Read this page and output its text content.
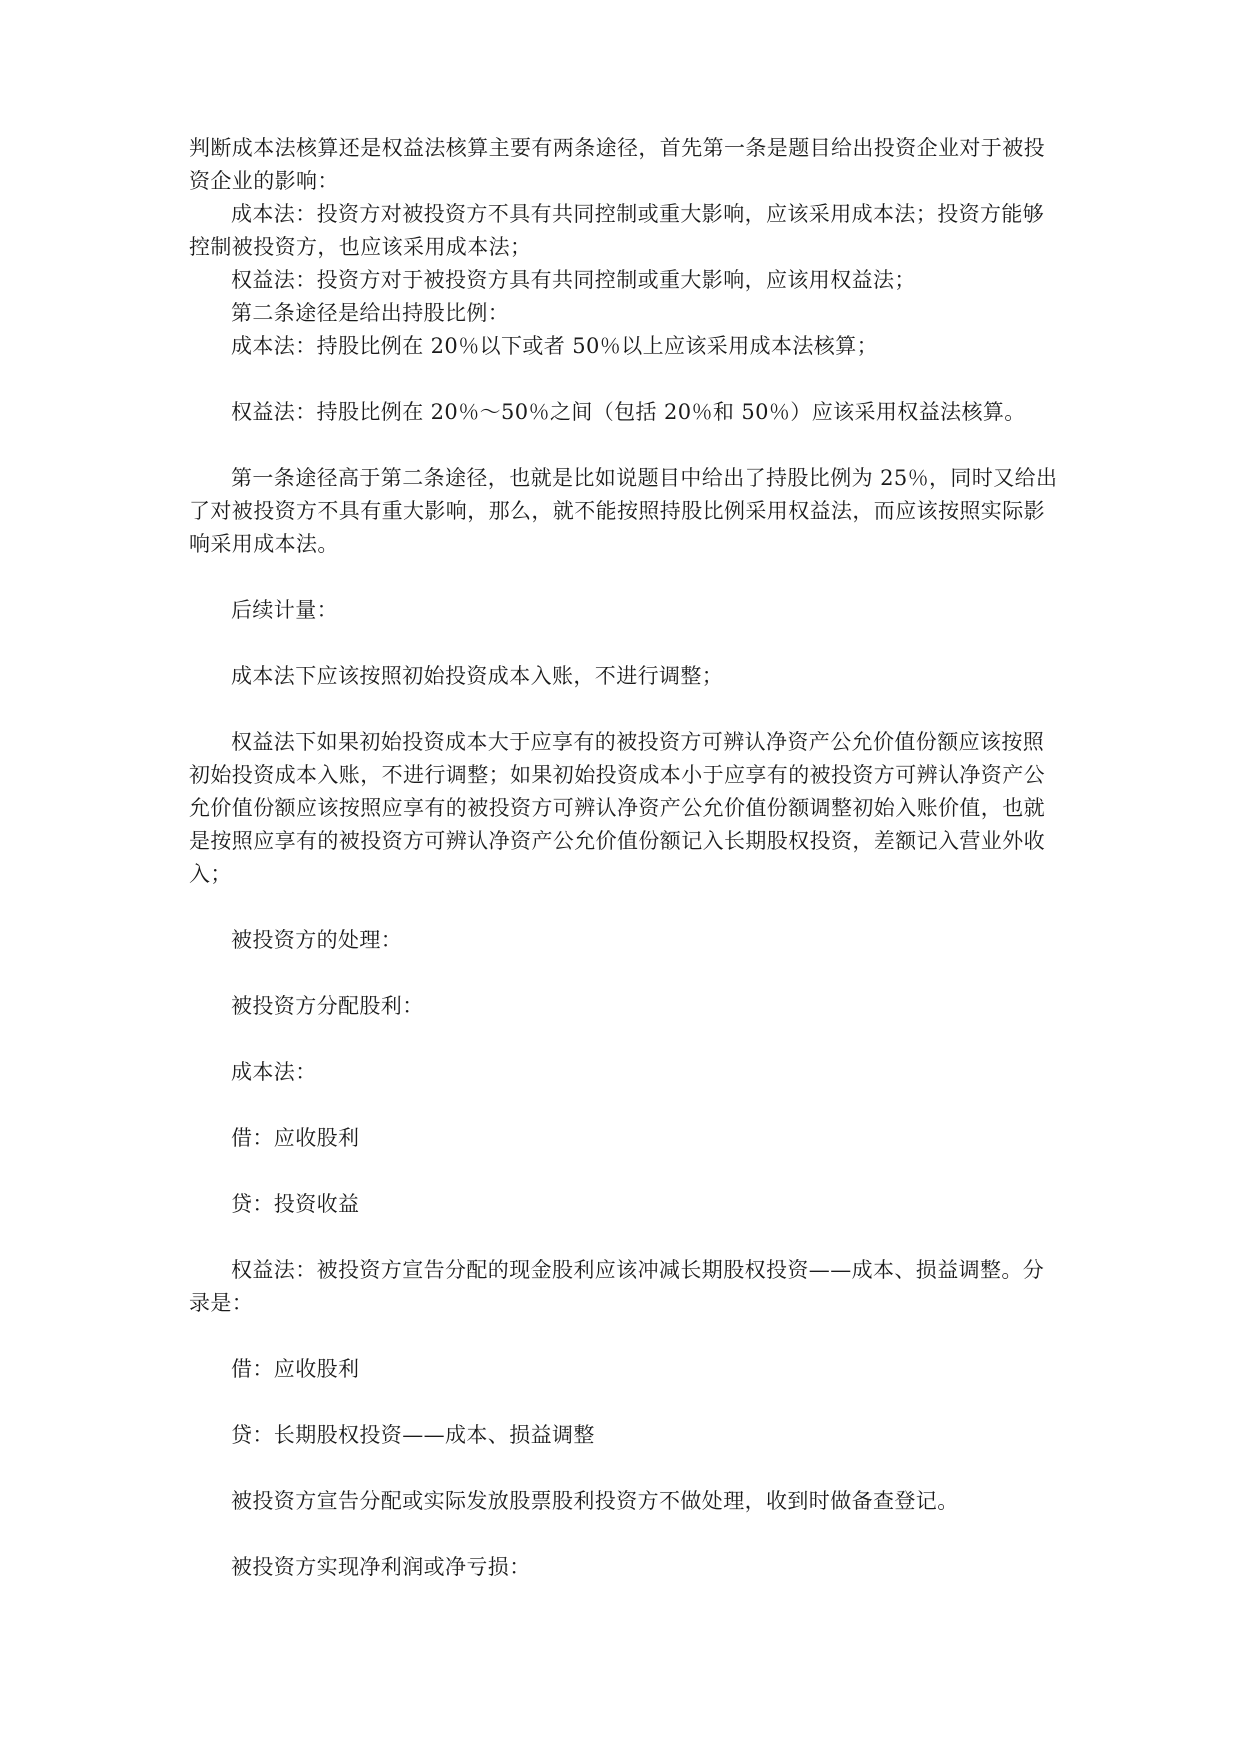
判断成本法核算还是权益法核算主要有两条途径，首先第一条是题目给出投资企业对于被投资企业的影响：

成本法：投资方对被投资方不具有共同控制或重大影响，应该采用成本法；投资方能够控制被投资方，也应该采用成本法；

权益法：投资方对于被投资方具有共同控制或重大影响，应该用权益法；

第二条途径是给出持股比例：

成本法：持股比例在 20％以下或者 50％以上应该采用成本法核算；

权益法：持股比例在 20％～50％之间（包括 20％和 50％）应该采用权益法核算。

第一条途径高于第二条途径，也就是比如说题目中给出了持股比例为 25％，同时又给出了对被投资方不具有重大影响，那么，就不能按照持股比例采用权益法，而应该按照实际影响采用成本法。

后续计量：

成本法下应该按照初始投资成本入账，不进行调整；

权益法下如果初始投资成本大于应享有的被投资方可辨认净资产公允价值份额应该按照初始投资成本入账，不进行调整；如果初始投资成本小于应享有的被投资方可辨认净资产公允价值份额应该按照应享有的被投资方可辨认净资产公允价值份额调整初始入账价值，也就是按照应享有的被投资方可辨认净资产公允价值份额记入长期股权投资，差额记入营业外收入；

被投资方的处理：

被投资方分配股利：

成本法：

借：应收股利

贷：投资收益

权益法：被投资方宣告分配的现金股利应该冲减长期股权投资——成本、损益调整。分录是：

借：应收股利

贷：长期股权投资——成本、损益调整

被投资方宣告分配或实际发放股票股利投资方不做处理，收到时做备查登记。

被投资方实现净利润或净亏损：
